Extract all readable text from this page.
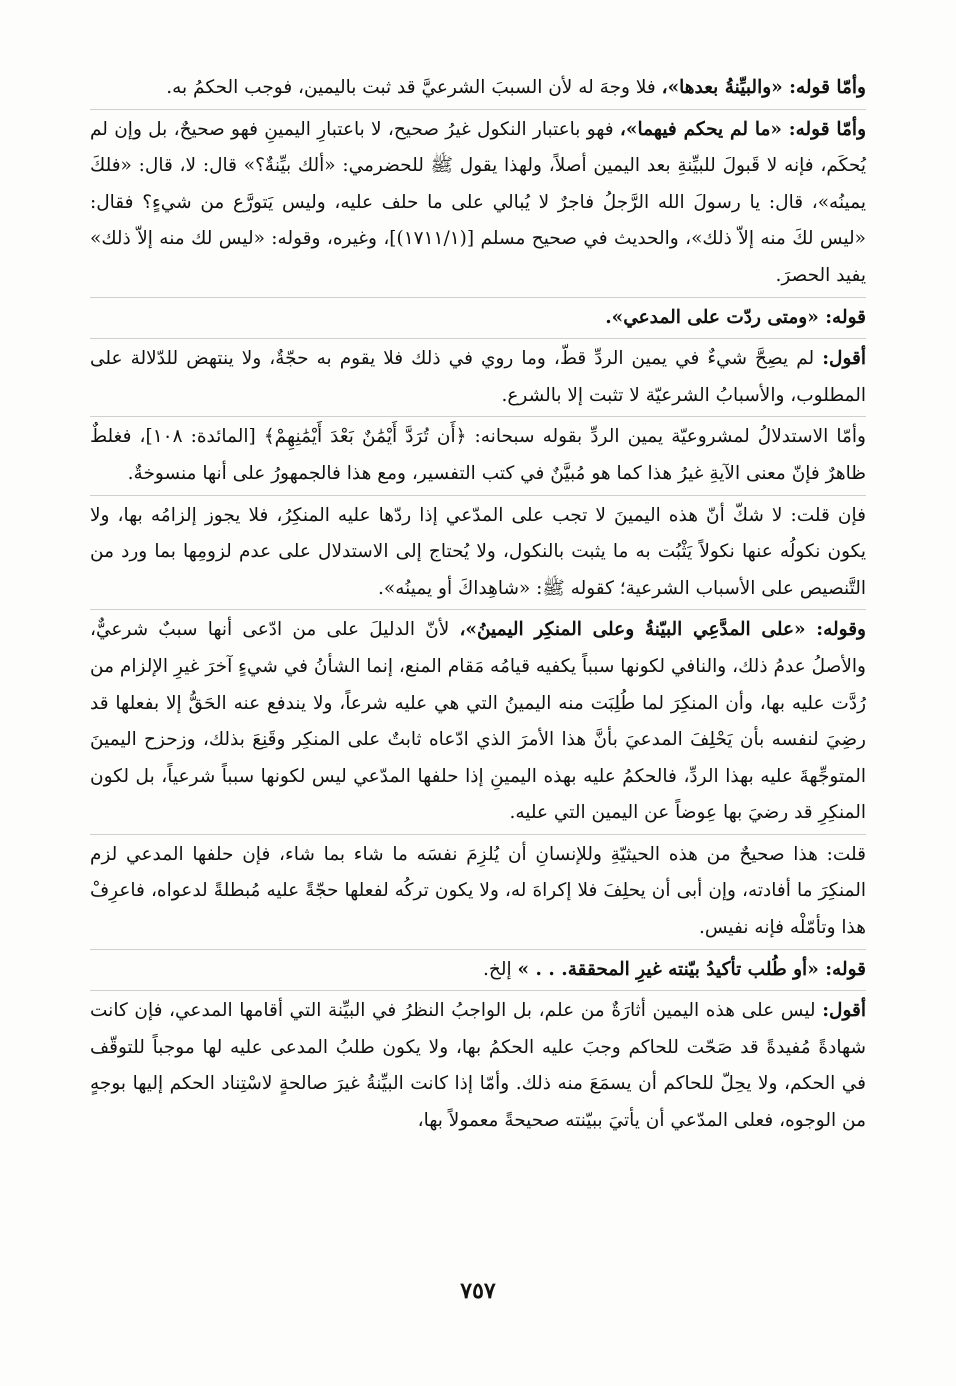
وأمّا قوله: «والبيِّنةُ بعدها»، فلا وجهَ له لأن السببَ الشرعيَّ قد ثبت باليمين، فوجب الحكمُ به.

وأمّا قوله: «ما لم يحكم فيهما»، فهو باعتبار النكول غيرُ صحيح، لا باعتبارِ اليمينِ فهو صحيحٌ، بل وإن لم يُحكَم، فإنه لا قَبولَ للبيِّنةِ بعد اليمين أصلاً، ولهذا يقول ﷺ للحضرمي: «ألك بيِّنةٌ؟» قال: لا، قال: «فلكَ يمينُه»، قال: يا رسولَ الله الرَّجلُ فاجرٌ لا يُبالي على ما حلف عليه، وليس يَتورَّع من شيءٍ؟ فقال: «ليس لكَ منه إلاّ ذلك»، والحديث في صحيح مسلم [(١٧١١/١)]، وغيره، وقوله: «ليس لك منه إلاّ ذلك» يفيد الحصرَ.

قوله: «ومتى ردّت على المدعي».

أقول: لم يصِحَّ شيءٌ في يمين الردِّ قطّ، وما روي في ذلك فلا يقوم به حجّةٌ، ولا ينتهض للدّلالة على المطلوب، والأسبابُ الشرعيّة لا تثبت إلا بالشرع.

وأمّا الاستدلالُ لمشروعيّة يمين الردِّ بقوله سبحانه: ﴿أَن تُرَدَّ أَيْمَٰنٌ بَعْدَ أَيْمَٰنِهِمْ﴾ [المائدة: ١٠٨]، فغلطٌ ظاهرٌ فإنّ معنى الآيةِ غيرُ هذا كما هو مُبيَّنٌ في كتب التفسير، ومع هذا فالجمهورُ على أنها منسوخةٌ.

فإن قلت: لا شكّ أنّ هذه اليمينَ لا تجب على المدّعي إذا ردّها عليه المنكِرُ، فلا يجوز إلزامُه بها، ولا يكون نكولُه عنها نكولاً يَثْبُت به ما يثبت بالنكول، ولا يُحتاج إلى الاستدلال على عدم لزومِها بما ورد من التَّنصيص على الأسباب الشرعية؛ كقوله ﷺ: «شاهِداكَ أو يمينُه».

وقوله: «على المدَّعِي البيّنةُ وعلى المنكِر اليمينُ»، لأنّ الدليلَ على من ادّعى أنها سببٌ شرعيٌّ، والأصلُ عدمُ ذلك، والنافي لكونها سبباً يكفيه قيامُه مَقام المنع، إنما الشأنُ في شيءٍ آخرَ غيرِ الإلزام من رُدَّت عليه بها، وأن المنكِرَ لما طُلِبَت منه اليمينُ التي هي عليه شرعاً، ولا يندفع عنه الحَقُّ إلا بفعلها قد رضِيَ لنفسه بأن يَحْلِفَ المدعيَ بأنَّ هذا الأمرَ الذي ادّعاه ثابتٌ على المنكِر وقَنِعَ بذلك، وزحزح اليمينَ المتوجِّهةَ عليه بهذا الردِّ، فالحكمُ عليه بهذه اليمينِ إذا حلفها المدّعي ليس لكونها سبباً شرعياً، بل لكون المنكِرِ قد رضيَ بها عِوضاً عن اليمين التي عليه.

قلت: هذا صحيحٌ من هذه الحيثيّةِ وللإنسانِ أن يُلزِمَ نفسَه ما شاء بما شاء، فإن حلفها المدعي لزم المنكِرَ ما أفادته، وإن أبى أن يحلِفَ فلا إكراهَ له، ولا يكون تركُه لفعلها حجّةً عليه مُبطلةً لدعواه، فاعرِفْ هذا وتأمّلْه فإنه نفيس.

قوله: «أو طُلب تأكيدُ بيّنته غيرِ المحققة. . . » إلخ.

أقول: ليس على هذه اليمين أثارَةٌ من علم، بل الواجبُ النظرُ في البيِّنة التي أقامها المدعي، فإن كانت شهادةً مُفيدةً قد صَحّت للحاكم وجبَ عليه الحكمُ بها، ولا يكون طلبُ المدعى عليه لها موجباً للتوقّف في الحكم، ولا يحِلّ للحاكم أن يسمَعَ منه ذلك. وأمّا إذا كانت البيِّنةُ غيرَ صالحةٍ لاسْتِناد الحكم إليها بوجهٍ من الوجوه، فعلى المدّعي أن يأتيَ ببيّنته صحيحةً معمولاً بها،

٧٥٧
